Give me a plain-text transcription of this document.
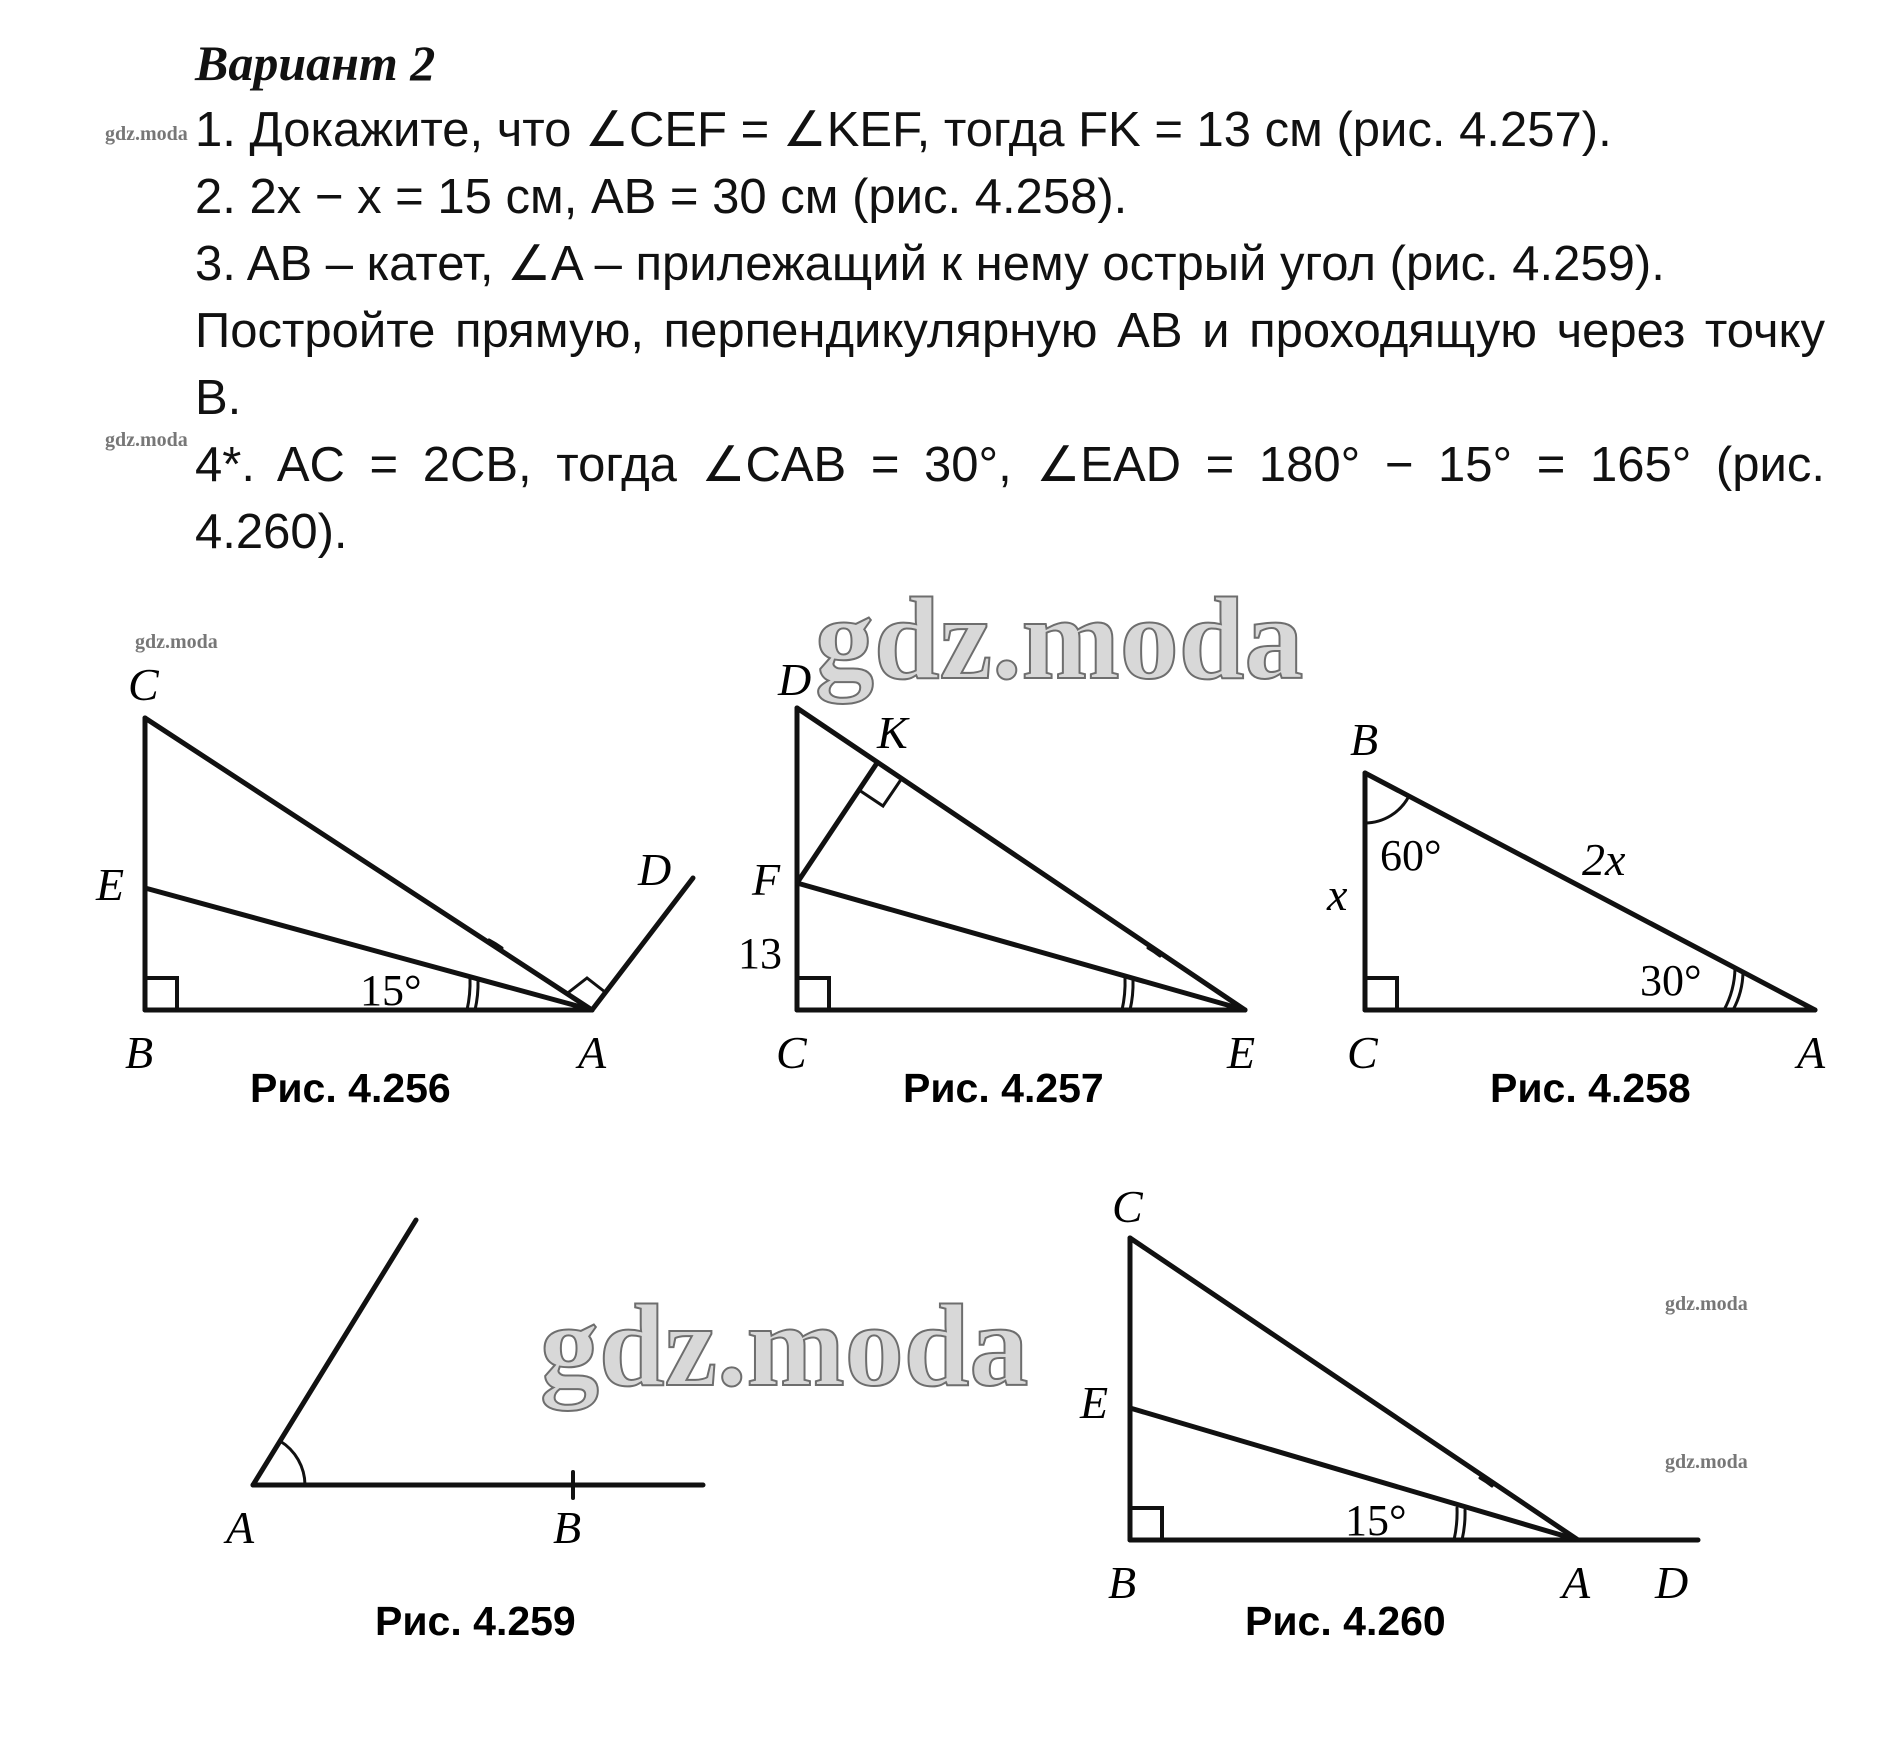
Вариант 2
1. Докажите, что ∠CEF = ∠KEF, тогда FK = 13 см (рис. 4.257).
2. 2x − x = 15 см, AB = 30 см (рис. 4.258).
3. AB – катет, ∠A – прилежащий к нему острый угол (рис. 4.259).
Постройте прямую, перпендикулярную AB и проходящую через точку B.
4*. AC = 2CB, тогда ∠CAB = 30°, ∠EAD = 180° − 15° = 165° (рис. 4.260).
C
E
B	A
D
15°
Рис. 4.256
D
K
F
13
C	E
Рис. 4.257
B
x
60°	2x
30°
C	A
Рис. 4.258
A	B
Рис. 4.259
C
E
15°
B	A D
Рис. 4.260
gdz.moda
gdz.moda
gdz.moda
gdz.moda
gdz.moda
gdz.moda
gdz.moda
